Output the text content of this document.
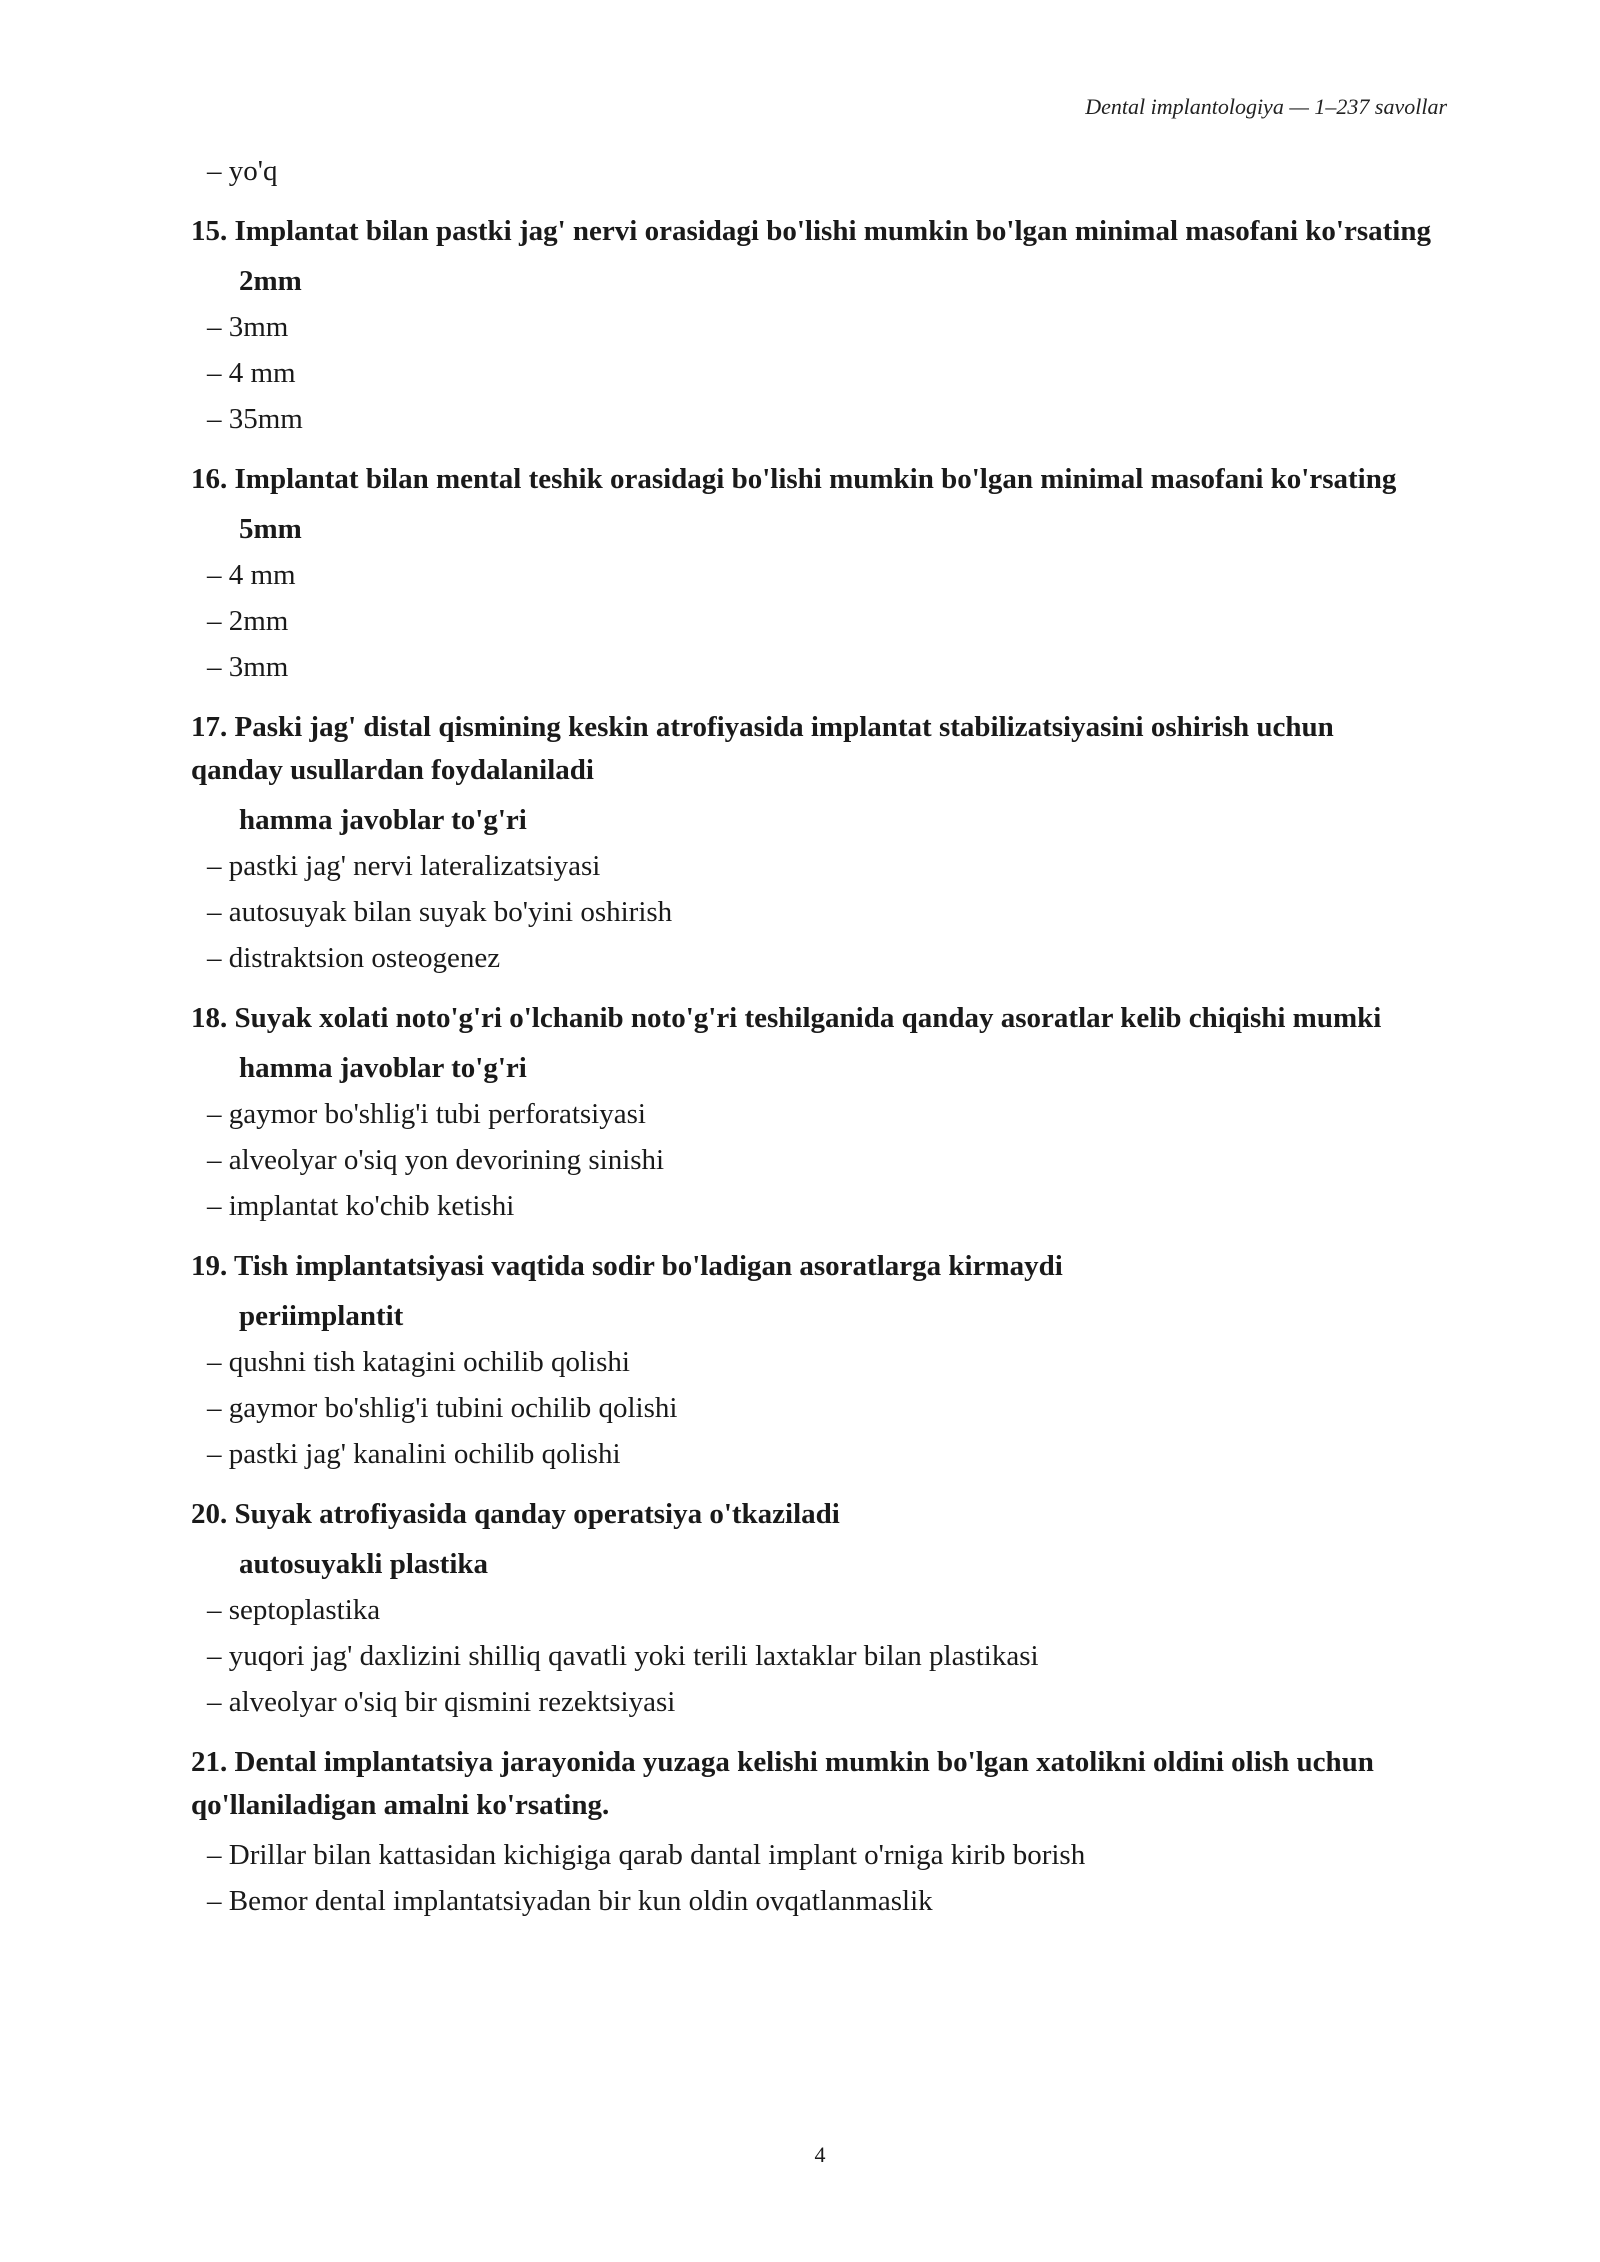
Dental implantologiya — 1–237 savollar
– yo'q
15. Implantat bilan pastki jag' nervi orasidagi bo'lishi mumkin bo'lgan minimal masofani ko'rsating
2mm
– 3mm
– 4 mm
– 35mm
16. Implantat bilan mental teshik orasidagi bo'lishi mumkin bo'lgan minimal masofani ko'rsating
5mm
– 4 mm
– 2mm
– 3mm
17. Paski jag' distal qismining keskin atrofiyasida implantat stabilizatsiyasini oshirish uchun qanday usullardan foydalaniladi
hamma javoblar to'g'ri
– pastki jag' nervi lateralizatsiyasi
– autosuyak bilan suyak bo'yini oshirish
– distraktsion osteogenez
18. Suyak xolati noto'g'ri o'lchanib noto'g'ri teshilganida qanday asoratlar kelib chiqishi mumki
hamma javoblar to'g'ri
– gaymor bo'shlig'i tubi perforatsiyasi
– alveolyar o'siq yon devorining sinishi
– implantat ko'chib ketishi
19. Tish implantatsiyasi vaqtida sodir bo'ladigan asoratlarga kirmaydi
periimplantit
– qushni tish katagini ochilib qolishi
– gaymor bo'shlig'i tubini ochilib qolishi
– pastki jag' kanalini ochilib qolishi
20. Suyak atrofiyasida qanday operatsiya o'tkaziladi
autosuyakli plastika
– septoplastika
– yuqori jag' daxlizini shilliq qavatli yoki terili laxtaklar bilan plastikasi
– alveolyar o'siq bir qismini rezektsiyasi
21. Dental implantatsiya jarayonida yuzaga kelishi mumkin bo'lgan xatolikni oldini olish uchun qo'llaniladigan amalni ko'rsating.
– Drillar bilan kattasidan kichigiga qarab dantal implant o'rniga kirib borish
– Bemor dental implantatsiyadan bir kun oldin ovqatlanmaslik
4
